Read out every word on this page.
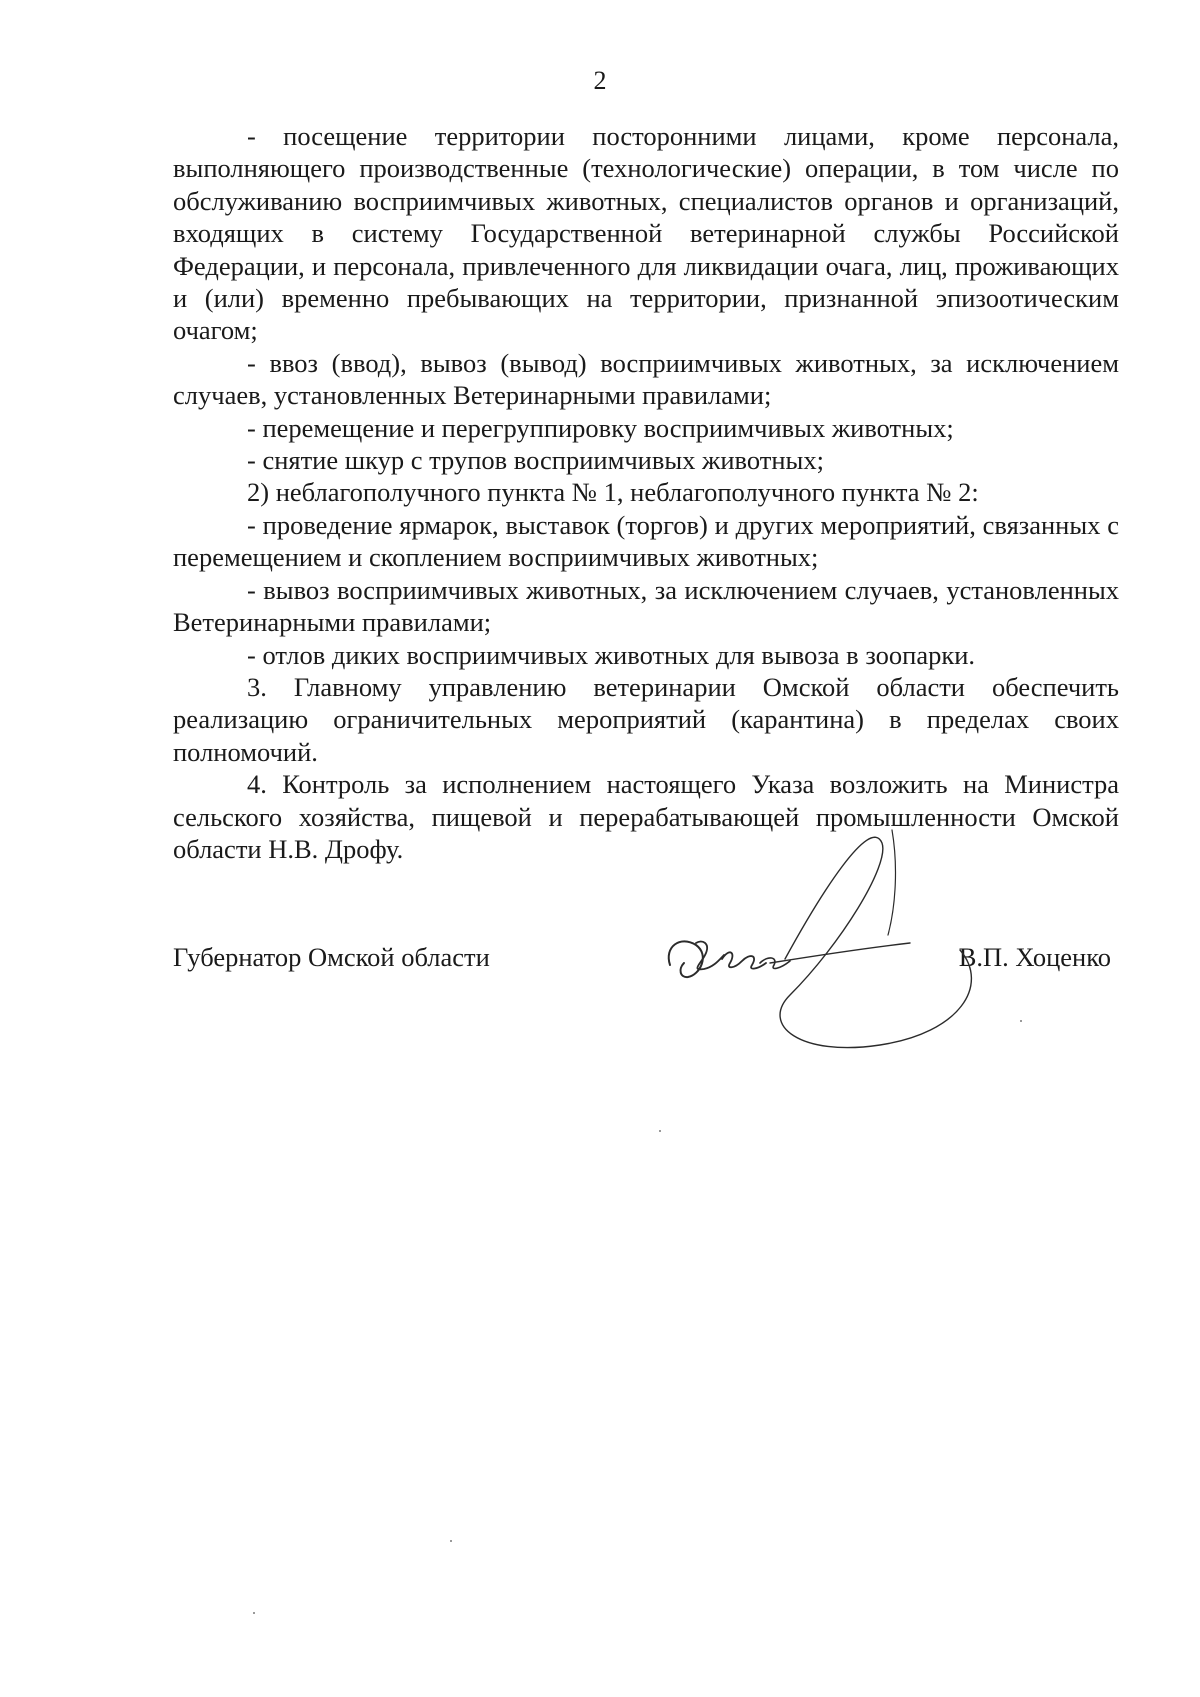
2

- посещение территории посторонними лицами, кроме персонала, выполняющего производственные (технологические) операции, в том числе по обслуживанию восприимчивых животных, специалистов органов и организаций, входящих в систему Государственной ветеринарной службы Российской Федерации, и персонала, привлеченного для ликвидации очага, лиц, проживающих и (или) временно пребывающих на территории, признанной эпизоотическим очагом;

- ввоз (ввод), вывоз (вывод) восприимчивых животных, за исключением случаев, установленных Ветеринарными правилами;

- перемещение и перегруппировку восприимчивых животных;

- снятие шкур с трупов восприимчивых животных;

2) неблагополучного пункта № 1, неблагополучного пункта № 2:

- проведение ярмарок, выставок (торгов) и других мероприятий, связанных с перемещением и скоплением восприимчивых животных;

- вывоз восприимчивых животных, за исключением случаев, установленных Ветеринарными правилами;

- отлов диких восприимчивых животных для вывоза в зоопарки.

3. Главному управлению ветеринарии Омской области обеспечить реализацию ограничительных мероприятий (карантина) в пределах своих полномочий.

4. Контроль за исполнением настоящего Указа возложить на Министра сельского хозяйства, пищевой и перерабатывающей промышленности Омской области Н.В. Дрофу.

Губернатор Омской области	В.П. Хоценко
